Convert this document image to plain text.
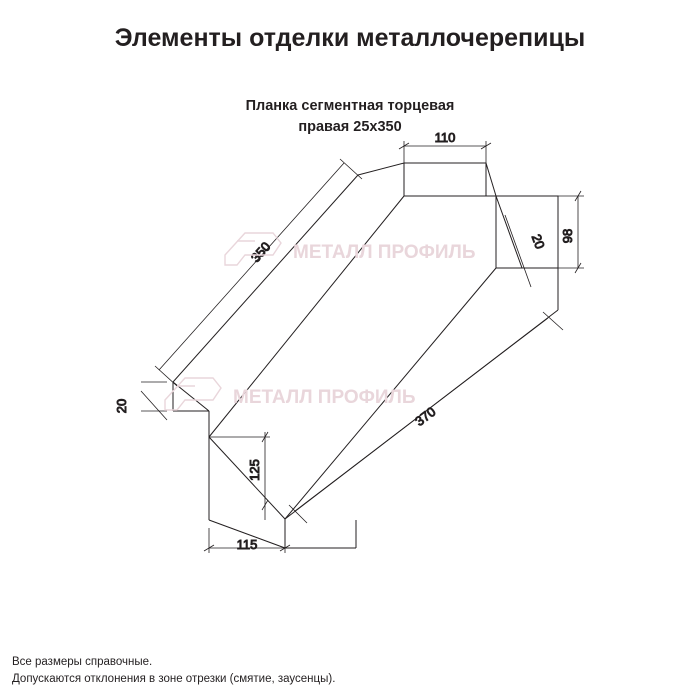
Элементы отделки металлочерепицы
Планка сегментная торцевая
правая 25х350
110
98
20
350
20
125
115
370
МЕТАЛЛ ПРОФИЛЬ
МЕТАЛЛ ПРОФИЛЬ
Все размеры справочные.
Допускаются отклонения в зоне отрезки (смятие, заусенцы).
